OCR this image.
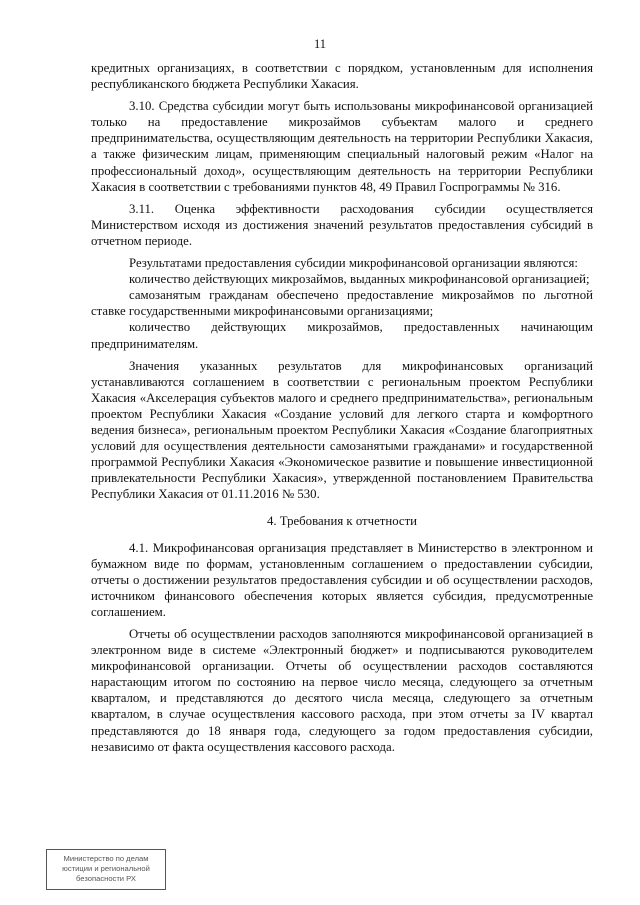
11

кредитных организациях, в соответствии с порядком, установленным для исполнения республиканского бюджета Республики Хакасия.

3.10. Средства субсидии могут быть использованы микрофинансовой организацией только на предоставление микрозаймов субъектам малого и среднего предпринимательства, осуществляющим деятельность на территории Республики Хакасия, а также физическим лицам, применяющим специальный налоговый режим «Налог на профессиональный доход», осуществляющим деятельность на территории Республики Хакасия в соответствии с требованиями пунктов 48, 49 Правил Госпрограммы № 316.

3.11. Оценка эффективности расходования субсидии осуществляется Министерством исходя из достижения значений результатов предоставления субсидий в отчетном периоде.

Результатами предоставления субсидии микрофинансовой организации являются:

количество действующих микрозаймов, выданных микрофинансовой организацией;

самозанятым гражданам обеспечено предоставление микрозаймов по льготной ставке государственными микрофинансовыми организациями;

количество действующих микрозаймов, предоставленных начинающим предпринимателям.

Значения указанных результатов для микрофинансовых организаций устанавливаются соглашением в соответствии с региональным проектом Республики Хакасия «Акселерация субъектов малого и среднего предпринимательства», региональным проектом Республики Хакасия «Создание условий для легкого старта и комфортного ведения бизнеса», региональным проектом Республики Хакасия «Создание благоприятных условий для осуществления деятельности самозанятыми гражданами» и государственной программой Республики Хакасия «Экономическое развитие и повышение инвестиционной привлекательности Республики Хакасия», утвержденной постановлением Правительства Республики Хакасия от 01.11.2016 № 530.

4. Требования к отчетности

4.1. Микрофинансовая организация представляет в Министерство в электронном и бумажном виде по формам, установленным соглашением о предоставлении субсидии, отчеты о достижении результатов предоставления субсидии и об осуществлении расходов, источником финансового обеспечения которых является субсидия, предусмотренные соглашением.

Отчеты об осуществлении расходов заполняются микрофинансовой организацией в электронном виде в системе «Электронный бюджет» и подписываются руководителем микрофинансовой организации. Отчеты об осуществлении расходов составляются нарастающим итогом по состоянию на первое число месяца, следующего за отчетным кварталом, и представляются до десятого числа месяца, следующего за отчетным кварталом, в случае осуществления кассового расхода, при этом отчеты за IV квартал представляются до 18 января года, следующего за годом предоставления субсидии, независимо от факта осуществления кассового расхода.

Министерство по делам
юстиции и региональной
безопасности РХ
